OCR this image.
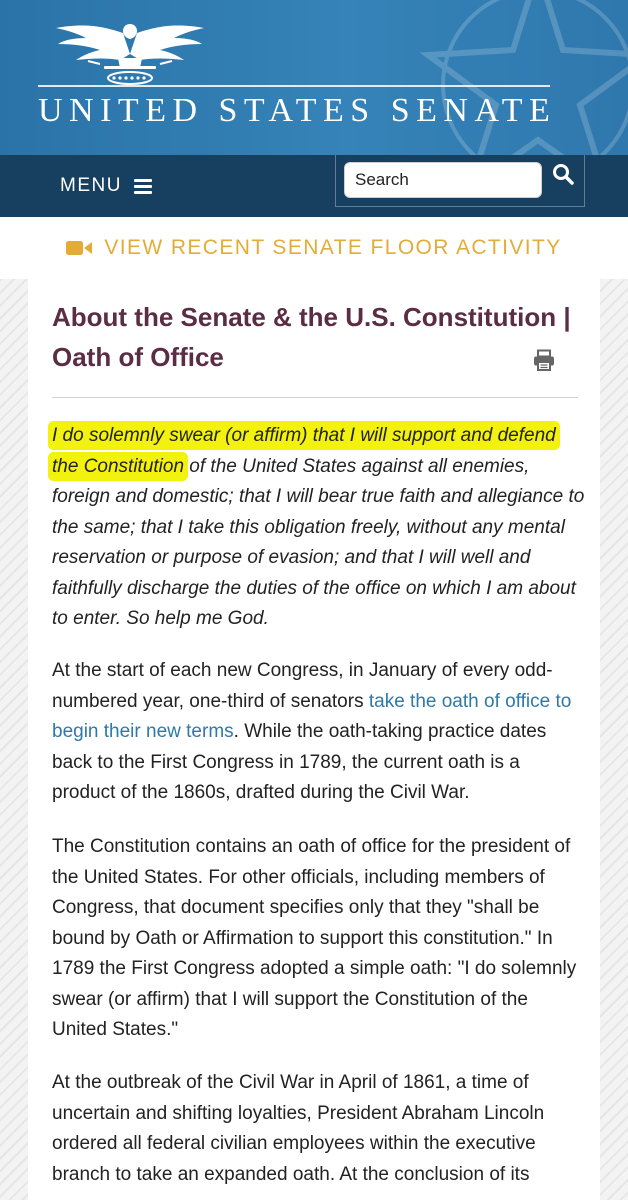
UNITED STATES SENATE
MENU
Search
VIEW RECENT SENATE FLOOR ACTIVITY
About the Senate & the U.S. Constitution | Oath of Office
I do solemnly swear (or affirm) that I will support and defend the Constitution of the United States against all enemies, foreign and domestic; that I will bear true faith and allegiance to the same; that I take this obligation freely, without any mental reservation or purpose of evasion; and that I will well and faithfully discharge the duties of the office on which I am about to enter. So help me God.
At the start of each new Congress, in January of every odd-numbered year, one-third of senators take the oath of office to begin their new terms. While the oath-taking practice dates back to the First Congress in 1789, the current oath is a product of the 1860s, drafted during the Civil War.
The Constitution contains an oath of office for the president of the United States. For other officials, including members of Congress, that document specifies only that they "shall be bound by Oath or Affirmation to support this constitution." In 1789 the First Congress adopted a simple oath: "I do solemnly swear (or affirm) that I will support the Constitution of the United States."
At the outbreak of the Civil War in April of 1861, a time of uncertain and shifting loyalties, President Abraham Lincoln ordered all federal civilian employees within the executive branch to take an expanded oath. At the conclusion of its
